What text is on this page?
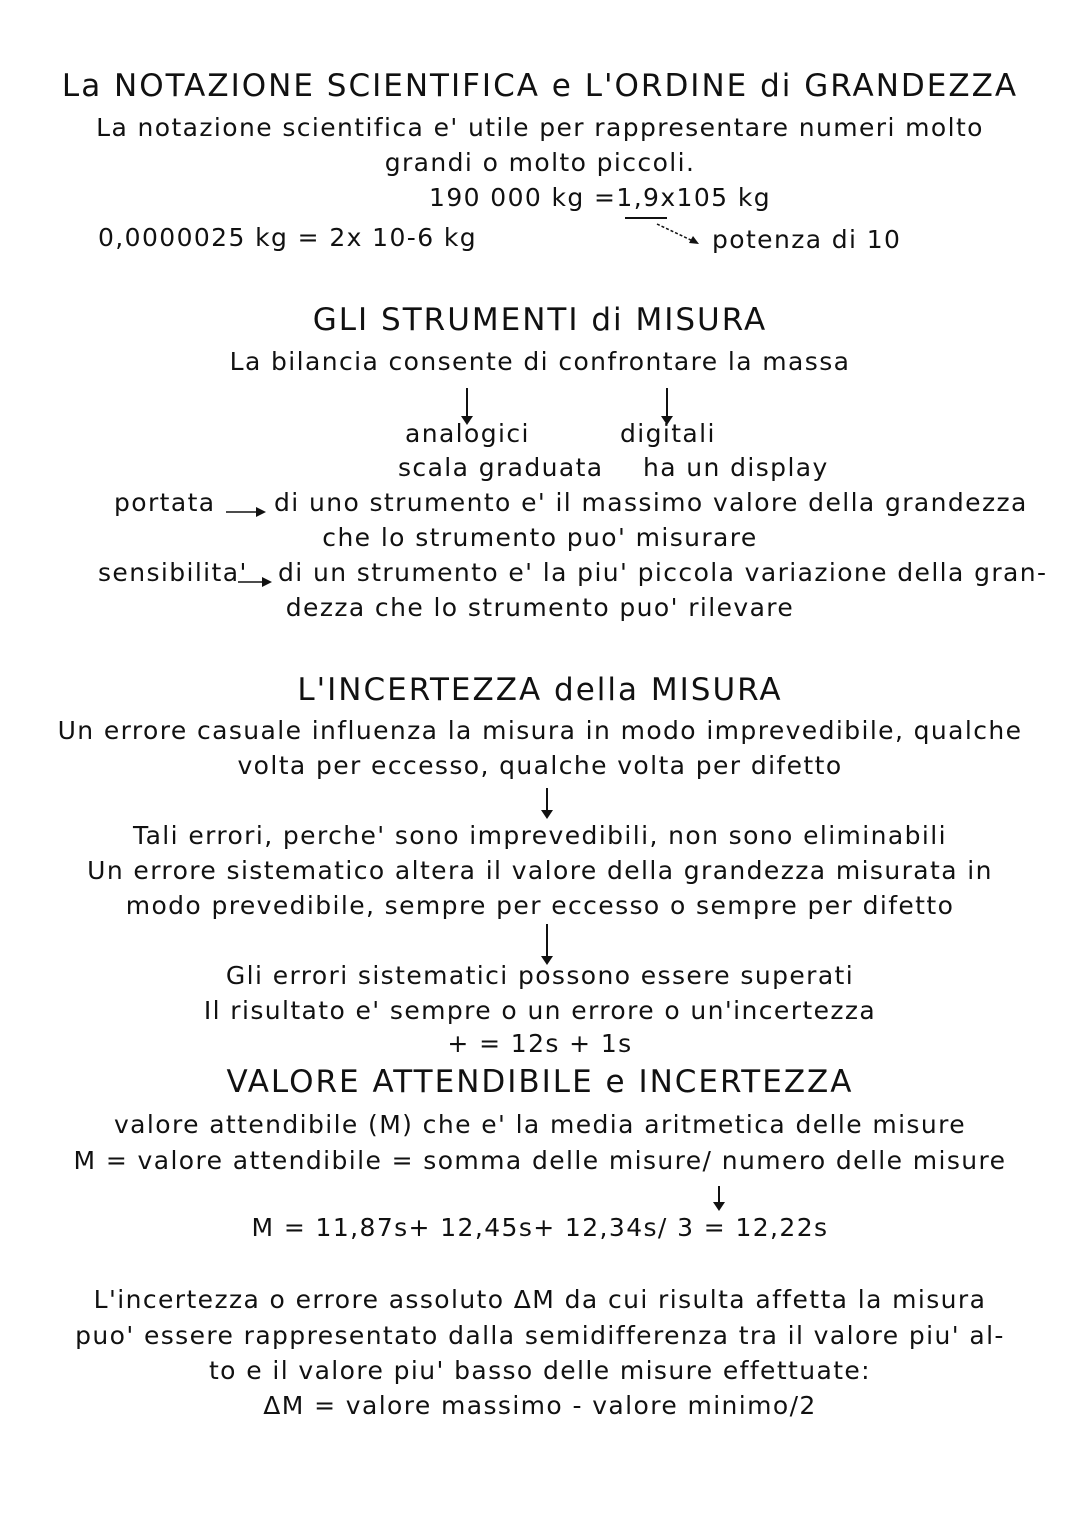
La NOTAZIONE SCIENTIFICA e L'ORDINE di GRANDEZZA
La notazione scientifica e' utile per rappresentare numeri molto
grandi o molto piccoli.
190 000 kg =1,9x105 kg
0,0000025 kg = 2x 10-6 kg	potenza di 10
GLI STRUMENTI di MISURA
La bilancia consente di confrontare la massa
analogici	digitali
scala graduata ha un display
portata di uno strumento e' il massimo valore della grandezza
che lo strumento puo' misurare
sensibilita' di un strumento e' la piu' piccola variazione della gran-
dezza che lo strumento puo' rilevare
L'INCERTEZZA della MISURA
Un errore casuale influenza la misura in modo imprevedibile, qualche
volta per eccesso, qualche volta per difetto
Tali errori, perche' sono imprevedibili, non sono eliminabili
Un errore sistematico altera il valore della grandezza misurata in
modo prevedibile, sempre per eccesso o sempre per difetto
Gli errori sistematici possono essere superati
Il risultato e' sempre o un errore o un'incertezza
+ = 12s + 1s
VALORE ATTENDIBILE e INCERTEZZA
valore attendibile (M) che e' la media aritmetica delle misure
M = valore attendibile = somma delle misure/ numero delle misure
M = 11,87s+ 12,45s+ 12,34s/ 3 = 12,22s
L'incertezza o errore assoluto ΔM da cui risulta affetta la misura
puo' essere rappresentato dalla semidifferenza tra il valore piu' al-
to e il valore piu' basso delle misure effettuate:
ΔM = valore massimo - valore minimo/2
